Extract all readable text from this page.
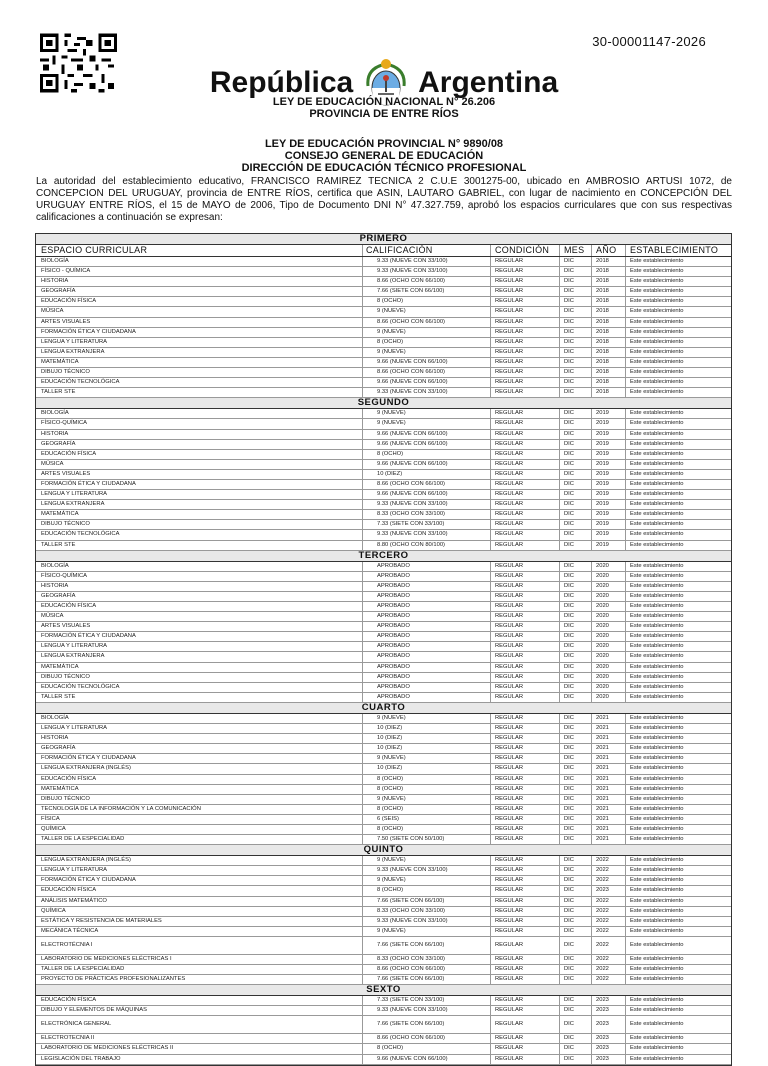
30-00001147-2026
República Argentina
LEY DE EDUCACIÓN NACIONAL N° 26.206
PROVINCIA DE ENTRE RÍOS
LEY DE EDUCACIÓN PROVINCIAL N° 9890/08
CONSEJO GENERAL DE EDUCACIÓN
DIRECCIÓN DE EDUCACIÓN TÉCNICO PROFESIONAL
La autoridad del establecimiento educativo, FRANCISCO RAMIREZ TECNICA 2 C.U.E 3001275-00, ubicado en AMBROSIO ARTUSI 1072, de CONCEPCION DEL URUGUAY, provincia de ENTRE RÍOS, certifica que ASIN, LAUTARO GABRIEL, con lugar de nacimiento en CONCEPCIÓN DEL URUGUAY ENTRE RÍOS, el 15 de MAYO de 2006, Tipo de Documento DNI N° 47.327.759, aprobó los espacios curriculares que con sus respectivas calificaciones a continuación se expresan:
PRIMERO
ESPACIO CURRICULAR	CALIFICACIÓN	CONDICIÓN	MES	AÑO	ESTABLECIMIENTO
BIOLOGÍA	9.33 (NUEVE CON 33/100)	REGULAR	DIC	2018	Este establecimiento
FÍSICO - QUÍMICA	9.33 (NUEVE CON 33/100)	REGULAR	DIC	2018	Este establecimiento
HISTORIA	8.66 (OCHO CON 66/100)	REGULAR	DIC	2018	Este establecimiento
GEOGRAFÍA	7.66 (SIETE CON 66/100)	REGULAR	DIC	2018	Este establecimiento
EDUCACIÓN FÍSICA	8 (OCHO)	REGULAR	DIC	2018	Este establecimiento
MÚSICA	9 (NUEVE)	REGULAR	DIC	2018	Este establecimiento
ARTES VISUALES	8.66 (OCHO CON 66/100)	REGULAR	DIC	2018	Este establecimiento
FORMACIÓN ÉTICA Y CIUDADANA	9 (NUEVE)	REGULAR	DIC	2018	Este establecimiento
LENGUA Y LITERATURA	8 (OCHO)	REGULAR	DIC	2018	Este establecimiento
LENGUA EXTRANJERA	9 (NUEVE)	REGULAR	DIC	2018	Este establecimiento
MATEMÁTICA	9.66 (NUEVE CON 66/100)	REGULAR	DIC	2018	Este establecimiento
DIBUJO TÉCNICO	8.66 (OCHO CON 66/100)	REGULAR	DIC	2018	Este establecimiento
EDUCACIÓN TECNOLÓGICA	9.66 (NUEVE CON 66/100)	REGULAR	DIC	2018	Este establecimiento
TALLER STE	9.33 (NUEVE CON 33/100)	REGULAR	DIC	2018	Este establecimiento
SEGUNDO
BIOLOGÍA	9 (NUEVE)	REGULAR	DIC	2019	Este establecimiento
FÍSICO-QUÍMICA	9 (NUEVE)	REGULAR	DIC	2019	Este establecimiento
HISTORIA	9.66 (NUEVE CON 66/100)	REGULAR	DIC	2019	Este establecimiento
GEOGRAFÍA	9.66 (NUEVE CON 66/100)	REGULAR	DIC	2019	Este establecimiento
EDUCACIÓN FÍSICA	8 (OCHO)	REGULAR	DIC	2019	Este establecimiento
MÚSICA	9.66 (NUEVE CON 66/100)	REGULAR	DIC	2019	Este establecimiento
ARTES VISUALES	10 (DIEZ)	REGULAR	DIC	2019	Este establecimiento
FORMACIÓN ÉTICA Y CIUDADANA	8.66 (OCHO CON 66/100)	REGULAR	DIC	2019	Este establecimiento
LENGUA Y LITERATURA	9.66 (NUEVE CON 66/100)	REGULAR	DIC	2019	Este establecimiento
LENGUA EXTRANJERA	9.33 (NUEVE CON 33/100)	REGULAR	DIC	2019	Este establecimiento
MATEMÁTICA	8.33 (OCHO CON 33/100)	REGULAR	DIC	2019	Este establecimiento
DIBUJO TÉCNICO	7.33 (SIETE CON 33/100)	REGULAR	DIC	2019	Este establecimiento
EDUCACIÓN TECNOLÓGICA	9.33 (NUEVE CON 33/100)	REGULAR	DIC	2019	Este establecimiento
TALLER STE	8.80 (OCHO CON 80/100)	REGULAR	DIC	2019	Este establecimiento
TERCERO
BIOLOGÍA	APROBADO	REGULAR	DIC	2020	Este establecimiento
FÍSICO-QUÍMICA	APROBADO	REGULAR	DIC	2020	Este establecimiento
HISTORIA	APROBADO	REGULAR	DIC	2020	Este establecimiento
GEOGRAFÍA	APROBADO	REGULAR	DIC	2020	Este establecimiento
EDUCACIÓN FÍSICA	APROBADO	REGULAR	DIC	2020	Este establecimiento
MÚSICA	APROBADO	REGULAR	DIC	2020	Este establecimiento
ARTES VISUALES	APROBADO	REGULAR	DIC	2020	Este establecimiento
FORMACIÓN ÉTICA Y CIUDADANA	APROBADO	REGULAR	DIC	2020	Este establecimiento
LENGUA Y LITERATURA	APROBADO	REGULAR	DIC	2020	Este establecimiento
LENGUA EXTRANJERA	APROBADO	REGULAR	DIC	2020	Este establecimiento
MATEMÁTICA	APROBADO	REGULAR	DIC	2020	Este establecimiento
DIBUJO TÉCNICO	APROBADO	REGULAR	DIC	2020	Este establecimiento
EDUCACIÓN TECNOLÓGICA	APROBADO	REGULAR	DIC	2020	Este establecimiento
TALLER STE	APROBADO	REGULAR	DIC	2020	Este establecimiento
CUARTO
BIOLOGÍA	9 (NUEVE)	REGULAR	DIC	2021	Este establecimiento
LENGUA Y LITERATURA	10 (DIEZ)	REGULAR	DIC	2021	Este establecimiento
HISTORIA	10 (DIEZ)	REGULAR	DIC	2021	Este establecimiento
GEOGRAFÍA	10 (DIEZ)	REGULAR	DIC	2021	Este establecimiento
FORMACIÓN ÉTICA Y CIUDADANA	9 (NUEVE)	REGULAR	DIC	2021	Este establecimiento
LENGUA EXTRANJERA (INGLÉS)	10 (DIEZ)	REGULAR	DIC	2021	Este establecimiento
EDUCACIÓN FÍSICA	8 (OCHO)	REGULAR	DIC	2021	Este establecimiento
MATEMÁTICA	8 (OCHO)	REGULAR	DIC	2021	Este establecimiento
DIBUJO TÉCNICO	9 (NUEVE)	REGULAR	DIC	2021	Este establecimiento
TECNOLOGÍA DE LA INFORMACIÓN Y LA COMUNICACIÓN	8 (OCHO)	REGULAR	DIC	2021	Este establecimiento
FÍSICA	6 (SEIS)	REGULAR	DIC	2021	Este establecimiento
QUÍMICA	8 (OCHO)	REGULAR	DIC	2021	Este establecimiento
TALLER DE LA ESPECIALIDAD	7.50 (SIETE CON 50/100)	REGULAR	DIC	2021	Este establecimiento
QUINTO
LENGUA EXTRANJERA (INGLÉS)	9 (NUEVE)	REGULAR	DIC	2022	Este establecimiento
LENGUA Y LITERATURA	9.33 (NUEVE CON 33/100)	REGULAR	DIC	2022	Este establecimiento
FORMACIÓN ÉTICA Y CIUDADANA	9 (NUEVE)	REGULAR	DIC	2022	Este establecimiento
EDUCACIÓN FÍSICA	8 (OCHO)	REGULAR	DIC	2023	Este establecimiento
ANÁLISIS MATEMÁTICO	7.66 (SIETE CON 66/100)	REGULAR	DIC	2022	Este establecimiento
QUÍMICA	8.33 (OCHO CON 33/100)	REGULAR	DIC	2022	Este establecimiento
ESTÁTICA Y RESISTENCIA DE MATERIALES	9.33 (NUEVE CON 33/100)	REGULAR	DIC	2022	Este establecimiento
MECÁNICA TÉCNICA	9 (NUEVE)	REGULAR	DIC	2022	Este establecimiento
ELECTROTÉCNIA I	7.66 (SIETE CON 66/100)	REGULAR	DIC	2022	Este establecimiento
LABORATORIO DE MEDICIONES ELÉCTRICAS I	8.33 (OCHO CON 33/100)	REGULAR	DIC	2022	Este establecimiento
TALLER DE LA ESPECIALIDAD	8.66 (OCHO CON 66/100)	REGULAR	DIC	2022	Este establecimiento
PROYECTO DE PRÁCTICAS PROFESIONALIZANTES	7.66 (SIETE CON 66/100)	REGULAR	DIC	2022	Este establecimiento
SEXTO
EDUCACIÓN FÍSICA	7.33 (SIETE CON 33/100)	REGULAR	DIC	2023	Este establecimiento
DIBUJO Y ELEMENTOS DE MÁQUINAS	9.33 (NUEVE CON 33/100)	REGULAR	DIC	2023	Este establecimiento
ELECTRÓNICA GENERAL	7.66 (SIETE CON 66/100)	REGULAR	DIC	2023	Este establecimiento
ELECTROTECNIA II	8.66 (OCHO CON 66/100)	REGULAR	DIC	2023	Este establecimiento
LABORATORIO DE MEDICIONES ELÉCTRICAS II	8 (OCHO)	REGULAR	DIC	2023	Este establecimiento
LEGISLACIÓN DEL TRABAJO	9.66 (NUEVE CON 66/100)	REGULAR	DIC	2023	Este establecimiento
